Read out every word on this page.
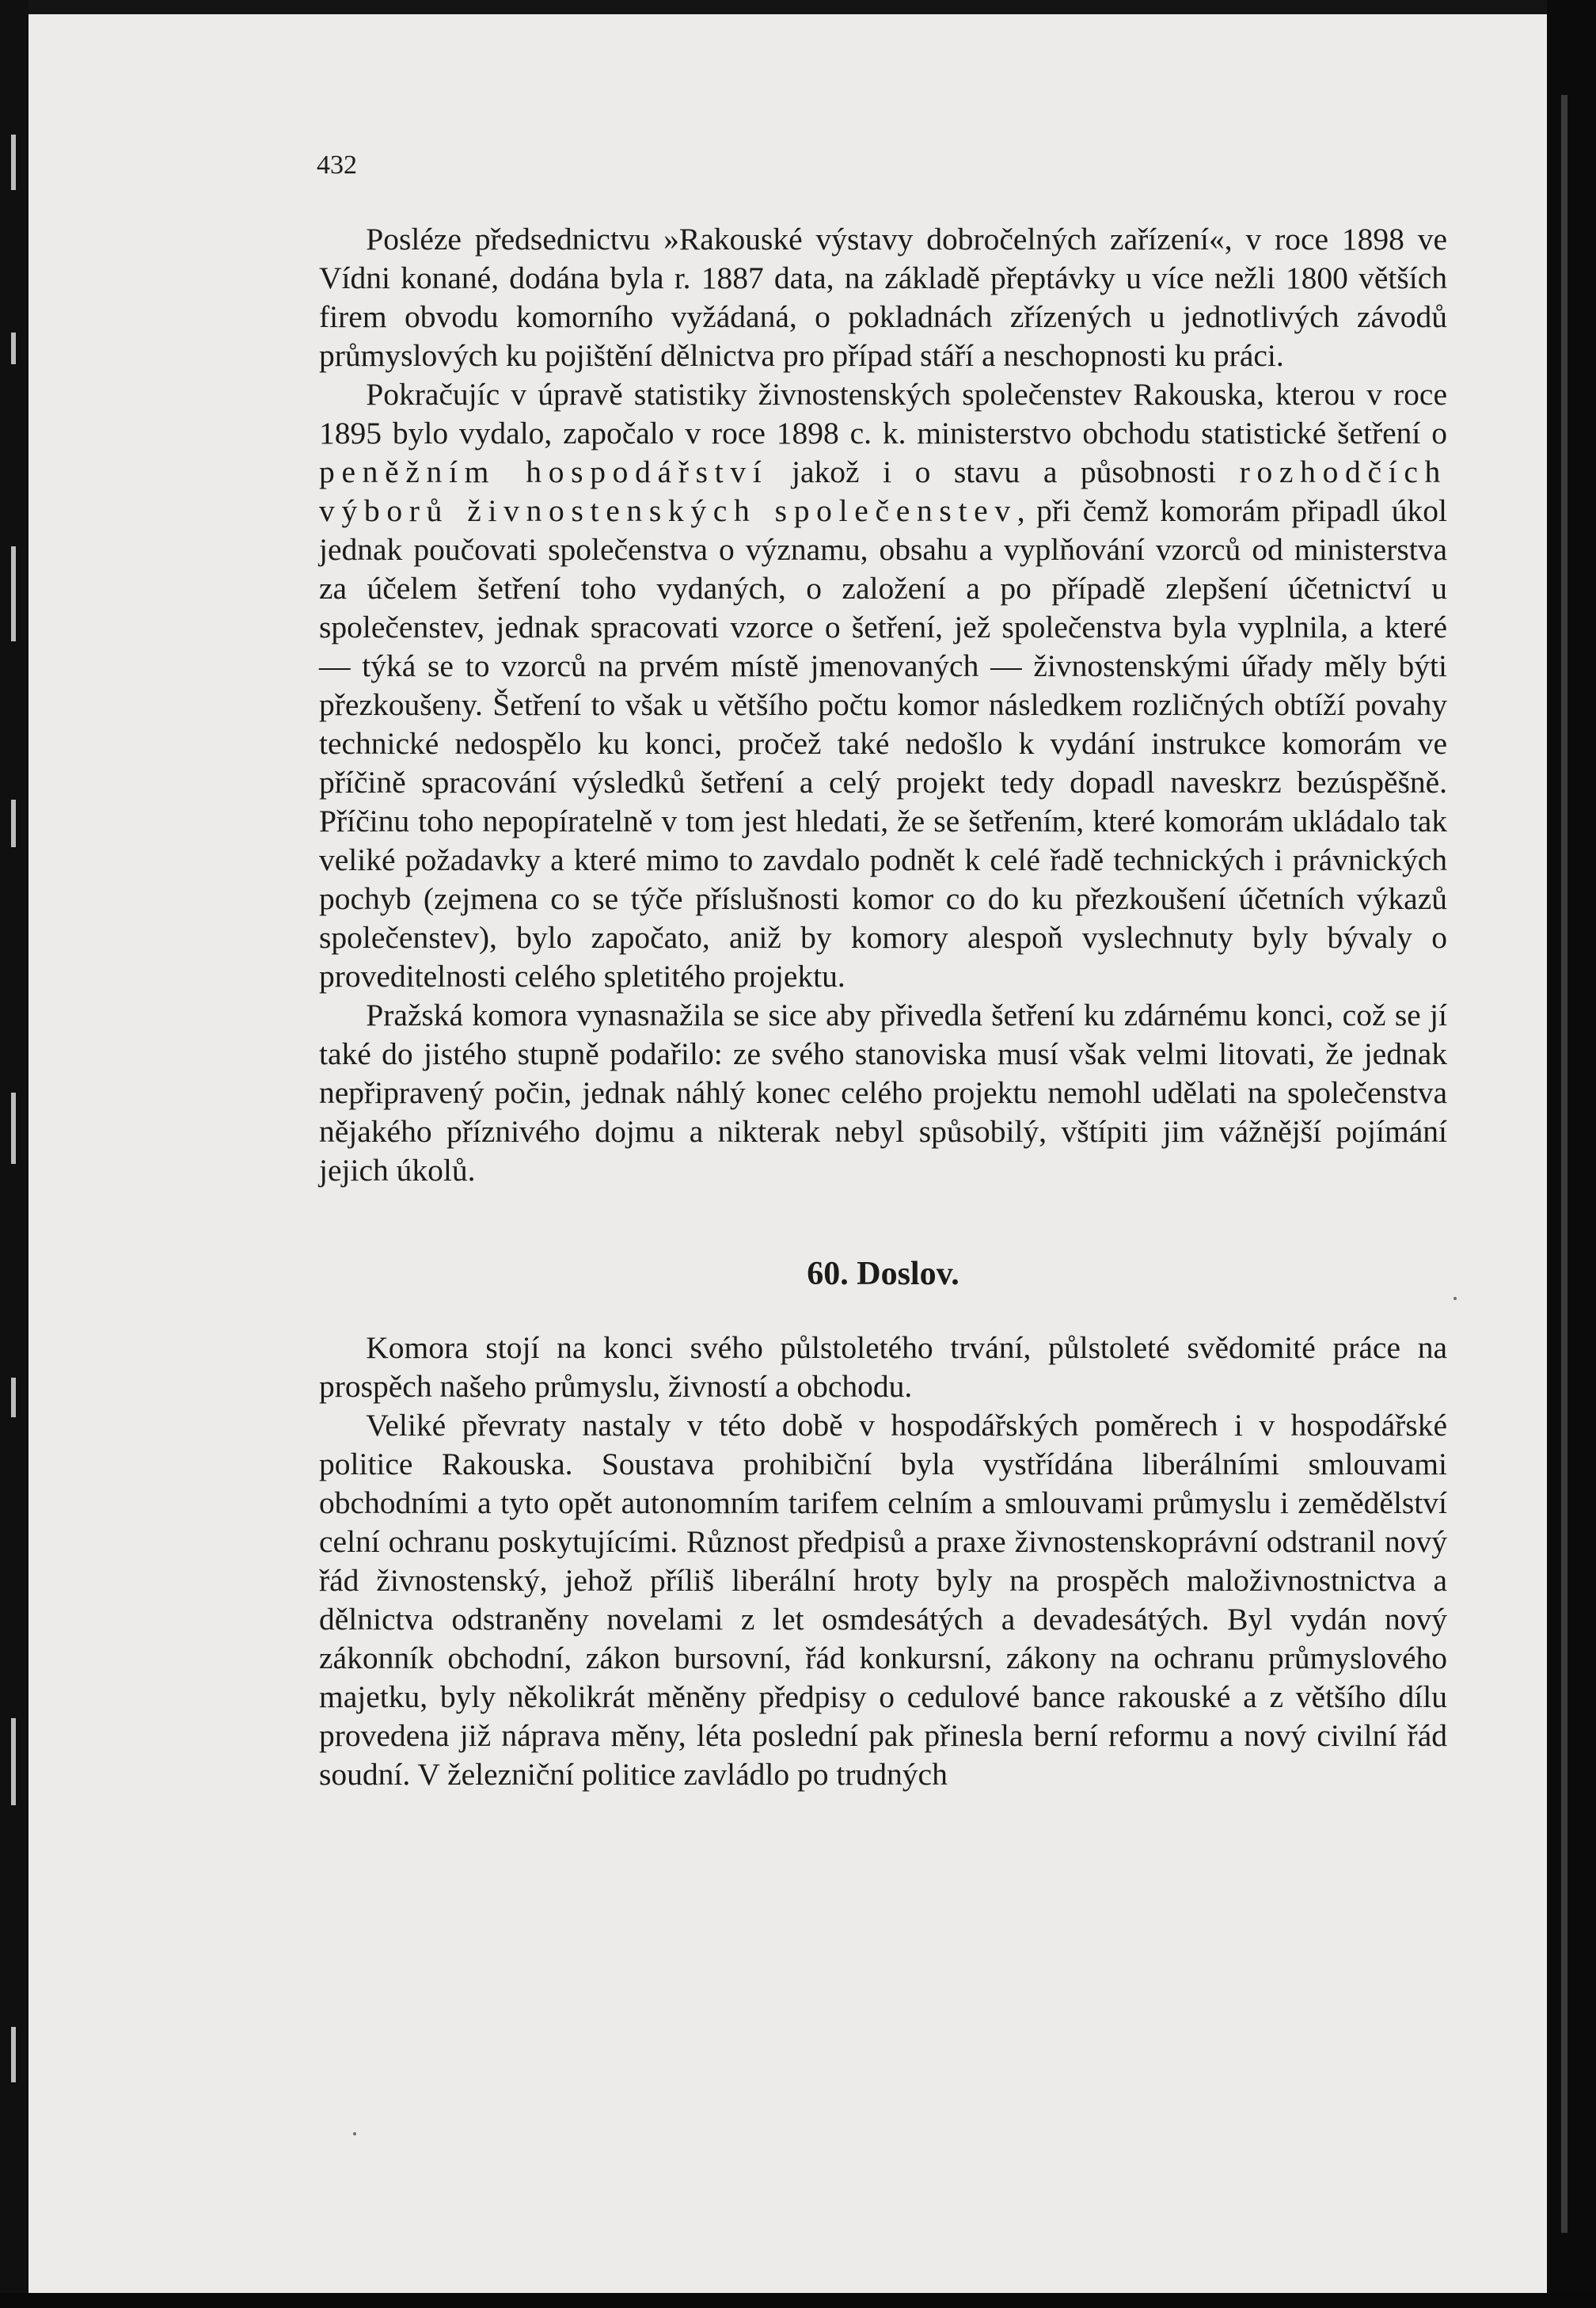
432

Posléze předsednictvu »Rakouské výstavy dobročelných zařízení«, v roce 1898 ve Vídni konané, dodána byla r. 1887 data, na základě přeptávky u více nežli 1800 větších firem obvodu komorního vyžádaná, o pokladnách zřízených u jednotlivých závodů průmyslových ku pojištění dělnictva pro případ stáří a neschopnosti ku práci.

Pokračujíc v úpravě statistiky živnostenských společenstev Rakouska, kterou v roce 1895 bylo vydalo, započalo v roce 1898 c. k. ministerstvo obchodu statistické šetření o peněžním hospodářství jakož i o stavu a působnosti rozhodčích výborů živnostenských společenstev, při čemž komorám připadl úkol jednak poučovati společenstva o významu, obsahu a vyplňování vzorců od ministerstva za účelem šetření toho vydaných, o založení a po případě zlepšení účetnictví u společenstev, jednak spracovati vzorce o šetření, jež společenstva byla vyplnila, a které — týká se to vzorců na prvém místě jmenovaných — živnostenskými úřady měly býti přezkoušeny. Šetření to však u většího počtu komor následkem rozličných obtíží povahy technické nedospělo ku konci, pročež také nedošlo k vydání instrukce komorám ve příčině spracování výsledků šetření a celý projekt tedy dopadl naveskrz bezúspěšně. Příčinu toho nepopíratelně v tom jest hledati, že se šetřením, které komorám ukládalo tak veliké požadavky a které mimo to zavdalo podnět k celé řadě technických i právnických pochyb (zejmena co se týče příslušnosti komor co do ku přezkoušení účetních výkazů společenstev), bylo započato, aniž by komory alespoň vyslechnuty byly bývaly o proveditelnosti celého spletitého projektu.

Pražská komora vynasnažila se sice aby přivedla šetření ku zdárnému konci, což se jí také do jistého stupně podařilo: ze svého stanoviska musí však velmi litovati, že jednak nepřipravený počin, jednak náhlý konec celého projektu nemohl udělati na společenstva nějakého příznivého dojmu a nikterak nebyl spůsobilý, vštípiti jim vážnější pojímání jejich úkolů.

60. Doslov.

Komora stojí na konci svého půlstoletého trvání, půlstoleté svědomité práce na prospěch našeho průmyslu, živností a obchodu.

Veliké převraty nastaly v této době v hospodářských poměrech i v hospodářské politice Rakouska. Soustava prohibiční byla vystřídána liberálními smlouvami obchodními a tyto opět autonomním tarifem celním a smlouvami průmyslu i zemědělství celní ochranu poskytujícími. Různost předpisů a praxe živnostenskoprávní odstranil nový řád živnostenský, jehož příliš liberální hroty byly na prospěch maloživnostnictva a dělnictva odstraněny novelami z let osmdesátých a devadesátých. Byl vydán nový zákonník obchodní, zákon bursovní, řád konkursní, zákony na ochranu průmyslového majetku, byly několikrát měněny předpisy o cedulové bance rakouské a z většího dílu provedena již náprava měny, léta poslední pak přinesla berní reformu a nový civilní řád soudní. V železniční politice zavládlo po trudných
